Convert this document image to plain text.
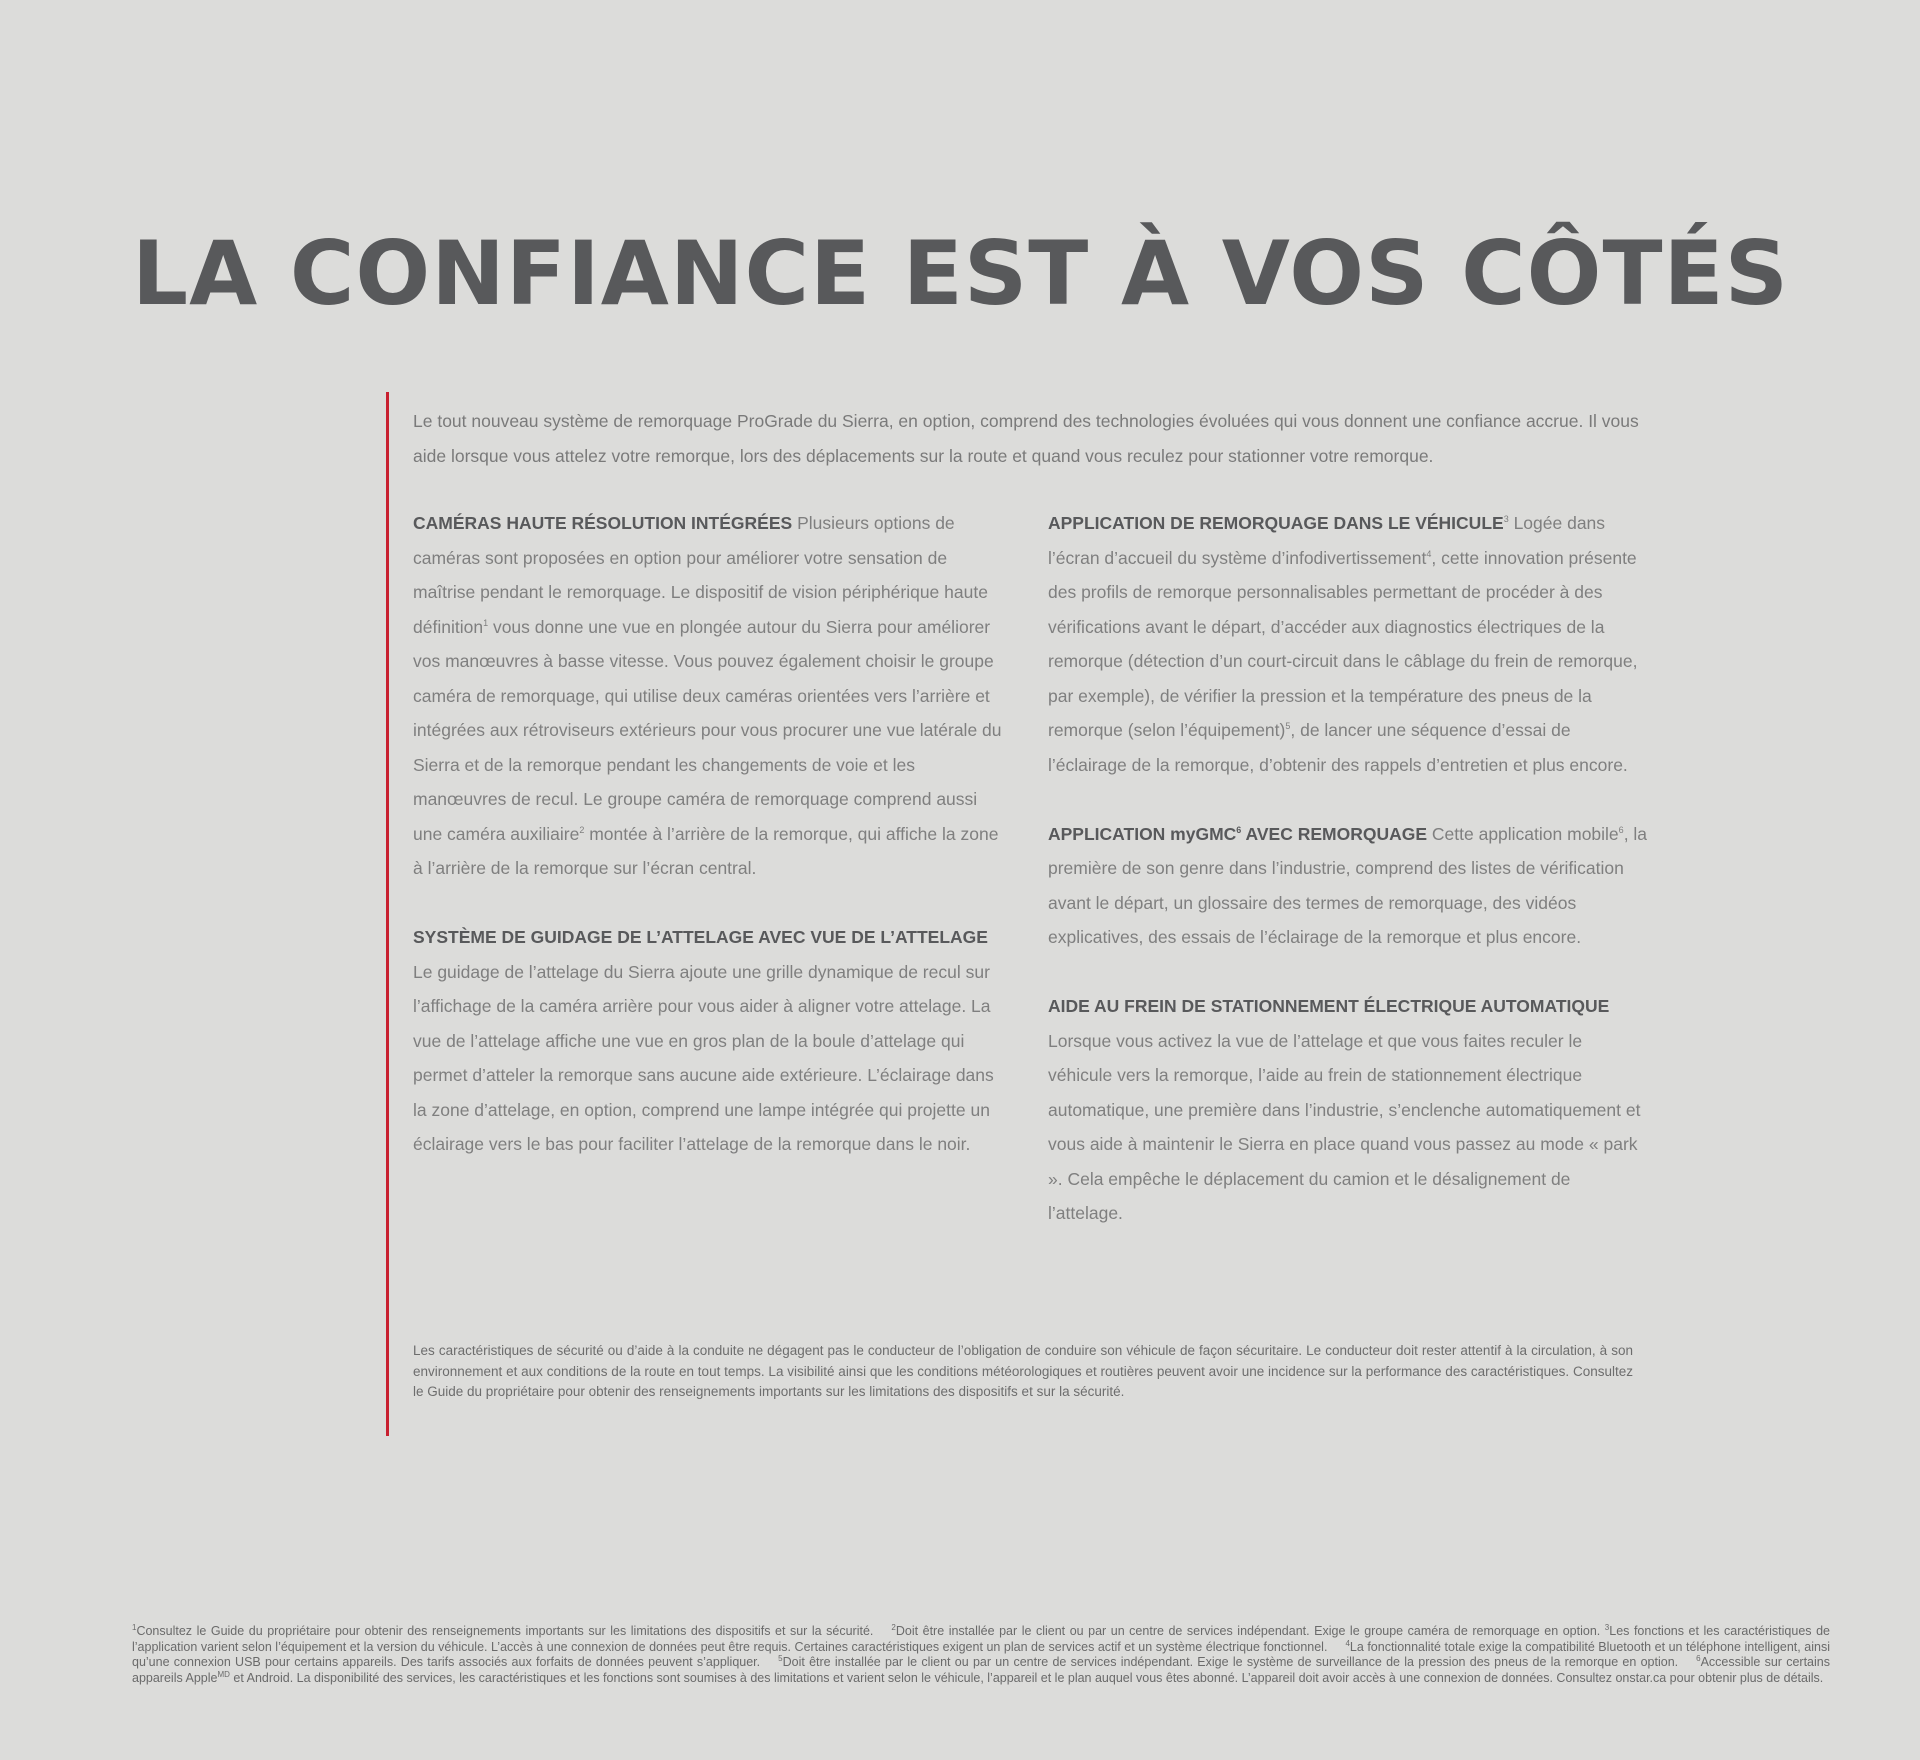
LA CONFIANCE EST À VOS CÔTÉS

Le tout nouveau système de remorquage ProGrade du Sierra, en option, comprend des technologies évoluées qui vous donnent une confiance accrue. Il vous aide lorsque vous attelez votre remorque, lors des déplacements sur la route et quand vous reculez pour stationner votre remorque.

CAMÉRAS HAUTE RÉSOLUTION INTÉGRÉES Plusieurs options de caméras sont proposées en option pour améliorer votre sensation de maîtrise pendant le remorquage. Le dispositif de vision périphérique haute définition$^1$ vous donne une vue en plongée autour du Sierra pour améliorer vos manœuvres à basse vitesse. Vous pouvez également choisir le groupe caméra de remorquage, qui utilise deux caméras orientées vers l’arrière et intégrées aux rétroviseurs extérieurs pour vous procurer une vue latérale du Sierra et de la remorque pendant les changements de voie et les manœuvres de recul. Le groupe caméra de remorquage comprend aussi une caméra auxiliaire$^2$ montée à l’arrière de la remorque, qui affiche la zone à l’arrière de la remorque sur l’écran central.

SYSTÈME DE GUIDAGE DE L’ATTELAGE AVEC VUE DE L’ATTELAGE
Le guidage de l’attelage du Sierra ajoute une grille dynamique de recul sur l’affichage de la caméra arrière pour vous aider à aligner votre attelage. La vue de l’attelage affiche une vue en gros plan de la boule d’attelage qui permet d’atteler la remorque sans aucune aide extérieure. L’éclairage dans la zone d’attelage, en option, comprend une lampe intégrée qui projette un éclairage vers le bas pour faciliter l’attelage de la remorque dans le noir.

APPLICATION DE REMORQUAGE DANS LE VÉHICULE$^3$ Logée dans l’écran d’accueil du système d’infodivertissement$^4$, cette innovation présente des profils de remorque personnalisables permettant de procéder à des vérifications avant le départ, d’accéder aux diagnostics électriques de la remorque (détection d’un court-circuit dans le câblage du frein de remorque, par exemple), de vérifier la pression et la température des pneus de la remorque (selon l’équipement)$^5$, de lancer une séquence d’essai de l’éclairage de la remorque, d’obtenir des rappels d’entretien et plus encore.

APPLICATION myGMC$^6$ AVEC REMORQUAGE Cette application mobile$^6$, la première de son genre dans l’industrie, comprend des listes de vérification avant le départ, un glossaire des termes de remorquage, des vidéos explicatives, des essais de l’éclairage de la remorque et plus encore.

AIDE AU FREIN DE STATIONNEMENT ÉLECTRIQUE AUTOMATIQUE
Lorsque vous activez la vue de l’attelage et que vous faites reculer le véhicule vers la remorque, l’aide au frein de stationnement électrique automatique, une première dans l’industrie, s’enclenche automatiquement et vous aide à maintenir le Sierra en place quand vous passez au mode « park ». Cela empêche le déplacement du camion et le désalignement de l’attelage.

Les caractéristiques de sécurité ou d’aide à la conduite ne dégagent pas le conducteur de l’obligation de conduire son véhicule de façon sécuritaire. Le conducteur doit rester attentif à la circulation, à son environnement et aux conditions de la route en tout temps. La visibilité ainsi que les conditions météorologiques et routières peuvent avoir une incidence sur la performance des caractéristiques. Consultez le Guide du propriétaire pour obtenir des renseignements importants sur les limitations des dispositifs et sur la sécurité.

$^1$Consultez le Guide du propriétaire pour obtenir des renseignements importants sur les limitations des dispositifs et sur la sécurité. $^2$Doit être installée par le client ou par un centre de services indépendant. Exige le groupe caméra de remorquage en option. $^3$Les fonctions et les caractéristiques de l’application varient selon l’équipement et la version du véhicule. L’accès à une connexion de données peut être requis. Certaines caractéristiques exigent un plan de services actif et un système électrique fonctionnel. $^4$La fonctionnalité totale exige la compatibilité Bluetooth et un téléphone intelligent, ainsi qu’une connexion USB pour certains appareils. Des tarifs associés aux forfaits de données peuvent s’appliquer. $^5$Doit être installée par le client ou par un centre de services indépendant. Exige le système de surveillance de la pression des pneus de la remorque en option. $^6$Accessible sur certains appareils Apple$^{MD}$ et Android. La disponibilité des services, les caractéristiques et les fonctions sont soumises à des limitations et varient selon le véhicule, l’appareil et le plan auquel vous êtes abonné. L’appareil doit avoir accès à une connexion de données. Consultez onstar.ca pour obtenir plus de détails.
